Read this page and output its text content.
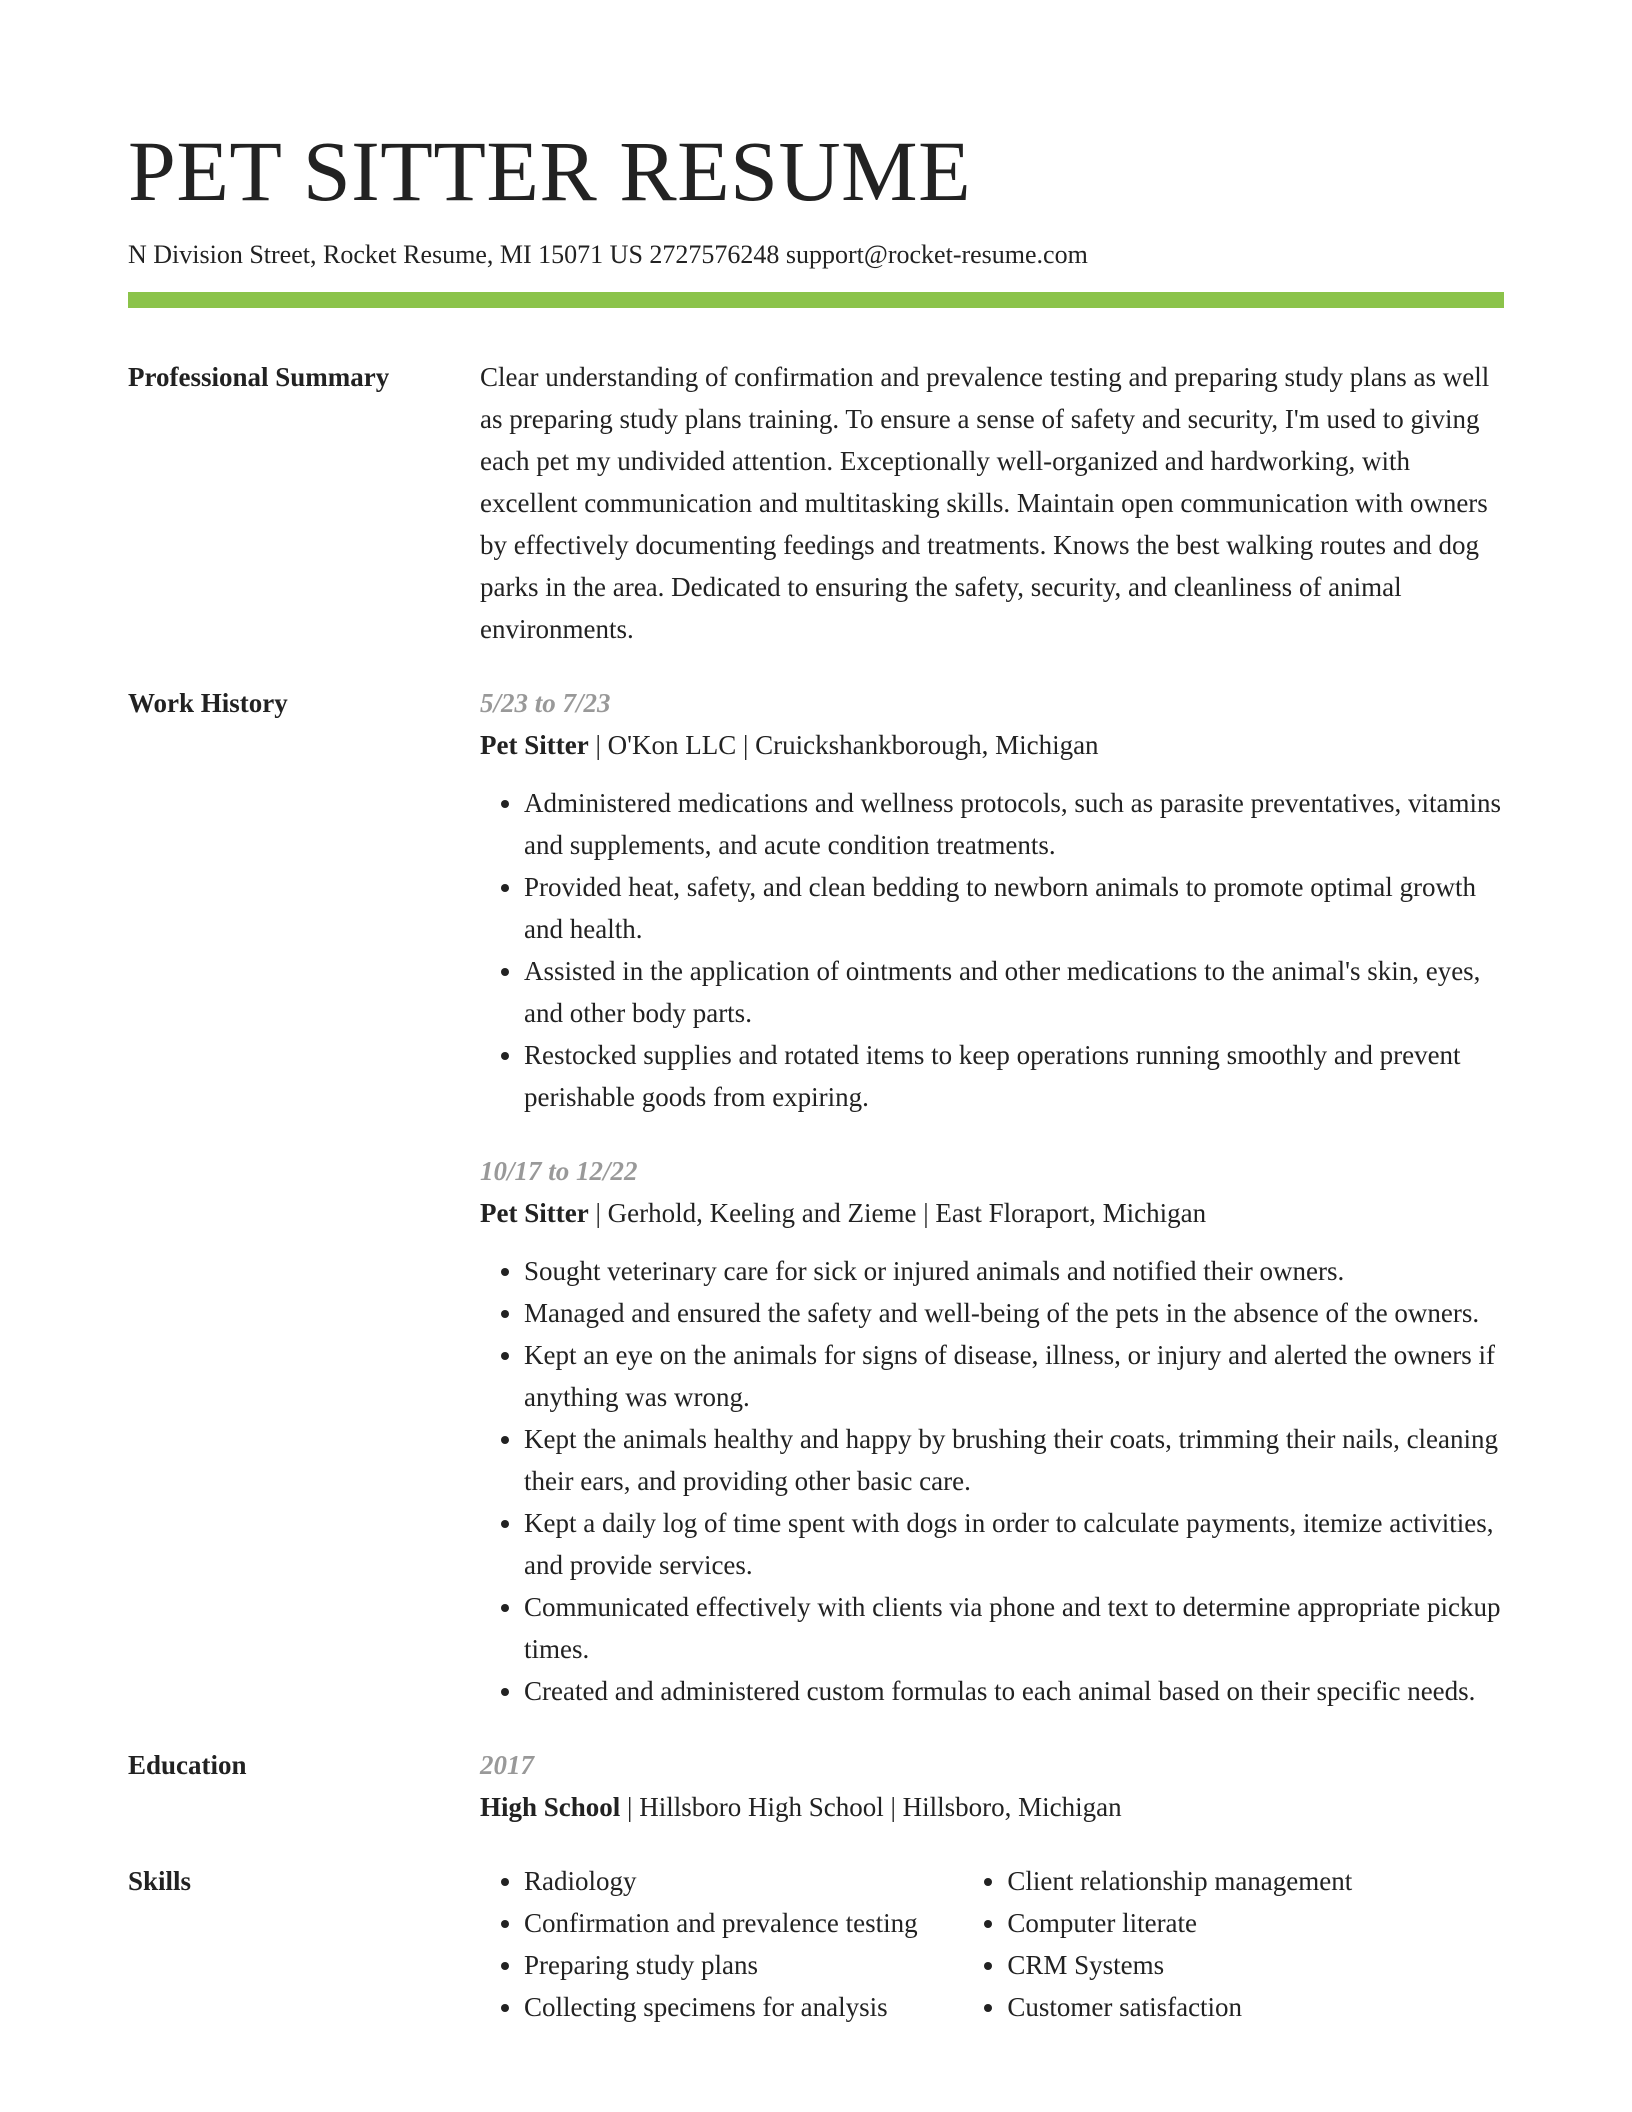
PET SITTER RESUME
N Division Street, Rocket Resume, MI 15071 US 2727576248 support@rocket-resume.com
Professional Summary	Clear understanding of confirmation and prevalence testing and preparing study plans as well as preparing study plans training. To ensure a sense of safety and security, I'm used to giving each pet my undivided attention. Exceptionally well-organized and hardworking, with excellent communication and multitasking skills. Maintain open communication with owners by effectively documenting feedings and treatments. Knows the best walking routes and dog parks in the area. Dedicated to ensuring the safety, security, and cleanliness of animal environments.

Work History	5/23 to 7/23
Pet Sitter | O'Kon LLC | Cruickshankborough, Michigan
• Administered medications and wellness protocols, such as parasite preventatives, vitamins and supplements, and acute condition treatments.
• Provided heat, safety, and clean bedding to newborn animals to promote optimal growth and health.
• Assisted in the application of ointments and other medications to the animal's skin, eyes, and other body parts.
• Restocked supplies and rotated items to keep operations running smoothly and prevent perishable goods from expiring.
10/17 to 12/22
Pet Sitter | Gerhold, Keeling and Zieme | East Floraport, Michigan
• Sought veterinary care for sick or injured animals and notified their owners.
• Managed and ensured the safety and well-being of the pets in the absence of the owners.
• Kept an eye on the animals for signs of disease, illness, or injury and alerted the owners if anything was wrong.
• Kept the animals healthy and happy by brushing their coats, trimming their nails, cleaning their ears, and providing other basic care.
• Kept a daily log of time spent with dogs in order to calculate payments, itemize activities, and provide services.
• Communicated effectively with clients via phone and text to determine appropriate pickup times.
• Created and administered custom formulas to each animal based on their specific needs.
Education	2017
High School | Hillsboro High School | Hillsboro, Michigan
Skills
•	Radiology
• Confirmation and prevalence testing
• Preparing study plans
• Collecting specimens for analysis
• Client relationship management
• Computer literate
• CRM Systems
• Customer satisfaction
